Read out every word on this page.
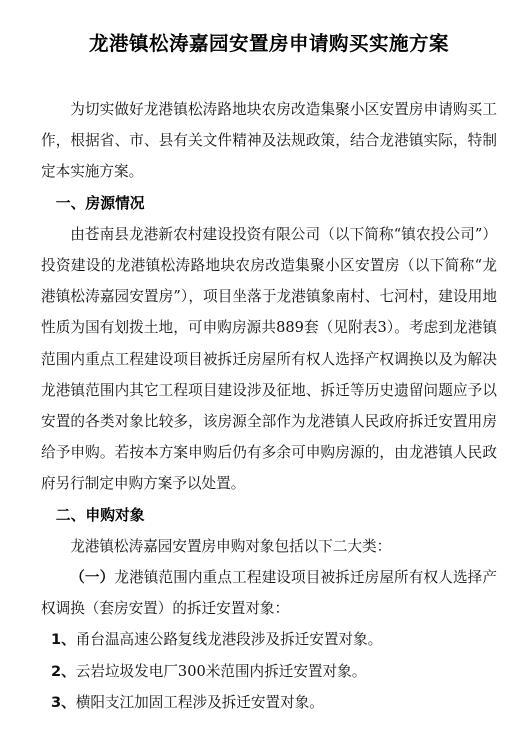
龙港镇松涛嘉园安置房申请购买实施方案

为切实做好龙港镇松涛路地块农房改造集聚小区安置房申请购买工作，根据省、市、县有关文件精神及法规政策，结合龙港镇实际，特制定本实施方案。

一、房源情况

由苍南县龙港新农村建设投资有限公司（以下简称“镇农投公司”）投资建设的龙港镇松涛路地块农房改造集聚小区安置房（以下简称“龙港镇松涛嘉园安置房”），项目坐落于龙港镇象南村、七河村，建设用地性质为国有划拨土地，可申购房源共889套（见附表3）。考虑到龙港镇范围内重点工程建设项目被拆迁房屋所有权人选择产权调换以及为解决龙港镇范围内其它工程项目建设涉及征地、拆迁等历史遗留问题应予以安置的各类对象比较多，该房源全部作为龙港镇人民政府拆迁安置用房给予申购。若按本方案申购后仍有多余可申购房源的，由龙港镇人民政府另行制定申购方案予以处置。

二、申购对象

龙港镇松涛嘉园安置房申购对象包括以下二大类：

（一）龙港镇范围内重点工程建设项目被拆迁房屋所有权人选择产权调换（套房安置）的拆迁安置对象：

1、甬台温高速公路复线龙港段涉及拆迁安置对象。

2、云岩垃圾发电厂300米范围内拆迁安置对象。

3、横阳支江加固工程涉及拆迁安置对象。
